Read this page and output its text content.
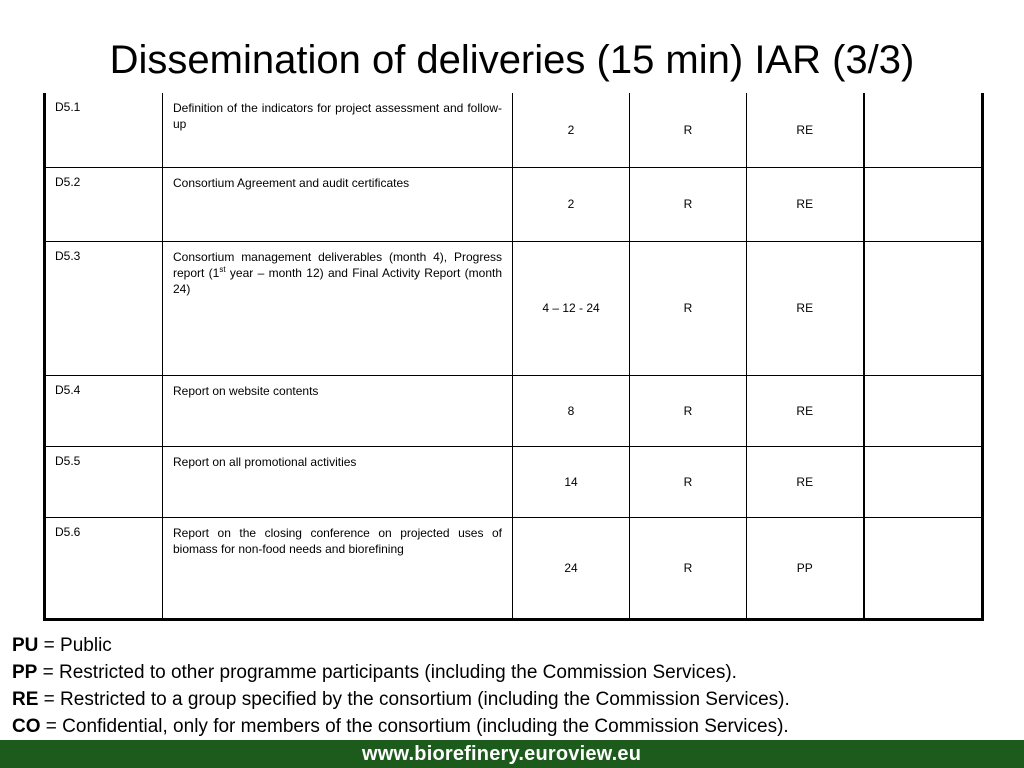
Dissemination of deliveries (15 min) IAR (3/3)
D5.1	Definition of the indicators for project assessment and follow-up	2	R	RE	
D5.2	Consortium Agreement and audit certificates	2	R	RE	
D5.3	Consortium management deliverables (month 4), Progress report (1st year – month 12) and Final Activity Report (month 24)	4 – 12 - 24	R	RE	
D5.4	Report on website contents	8	R	RE	
D5.5	Report on all promotional activities	14	R	RE	
D5.6	Report on the closing conference on projected uses of biomass for non-food needs and biorefining	24	R	PP	
PU = Public
PP = Restricted to other programme participants (including the Commission Services).
RE = Restricted to a group specified by the consortium (including the Commission Services).
CO = Confidential, only for members of the consortium (including the Commission Services).
www.biorefinery.euroview.eu
